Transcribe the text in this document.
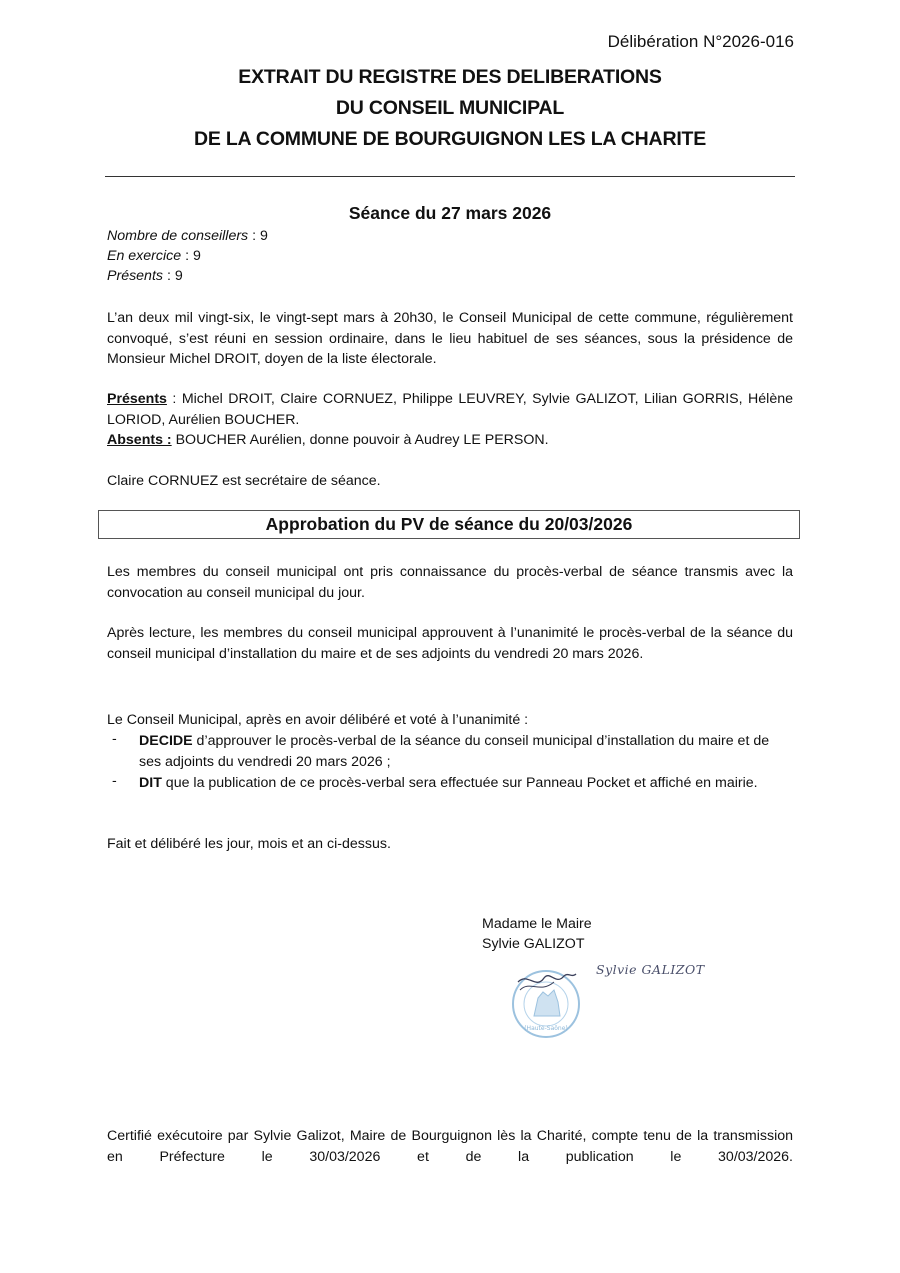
Délibération N°2026-016
EXTRAIT DU REGISTRE DES DELIBERATIONS
DU CONSEIL MUNICIPAL
DE LA COMMUNE DE BOURGUIGNON LES LA CHARITE
Séance du 27 mars 2026
Nombre de conseillers : 9
En exercice : 9
Présents : 9
L’an deux mil vingt-six, le vingt-sept mars à 20h30, le Conseil Municipal de cette commune, régulièrement convoqué, s’est réuni en session ordinaire, dans le lieu habituel de ses séances, sous la présidence de Monsieur Michel DROIT, doyen de la liste électorale.
Présents : Michel DROIT, Claire CORNUEZ, Philippe LEUVREY, Sylvie GALIZOT, Lilian GORRIS, Hélène LORIOD, Aurélien BOUCHER.
Absents : BOUCHER Aurélien, donne pouvoir à Audrey LE PERSON.
Claire CORNUEZ est secrétaire de séance.
Approbation du PV de séance du 20/03/2026
Les membres du conseil municipal ont pris connaissance du procès-verbal de séance transmis avec la convocation au conseil municipal du jour.
Après lecture, les membres du conseil municipal approuvent à l’unanimité le procès-verbal de la séance du conseil municipal d’installation du maire et de ses adjoints du vendredi 20 mars 2026.
Le Conseil Municipal, après en avoir délibéré et voté à l’unanimité :
- DECIDE d’approuver le procès-verbal de la séance du conseil municipal d’installation du maire et de ses adjoints du vendredi 20 mars 2026 ;
- DIT que la publication de ce procès-verbal sera effectuée sur Panneau Pocket et affiché en mairie.
Fait et délibéré les jour, mois et an ci-dessus.
Madame le Maire
Sylvie GALIZOT
(Haute-Saône)
Sylvie GALIZOT
Certifié exécutoire par Sylvie Galizot, Maire de Bourguignon lès la Charité, compte tenu de la transmission en Préfecture le 30/03/2026 et de la publication le 30/03/2026.
